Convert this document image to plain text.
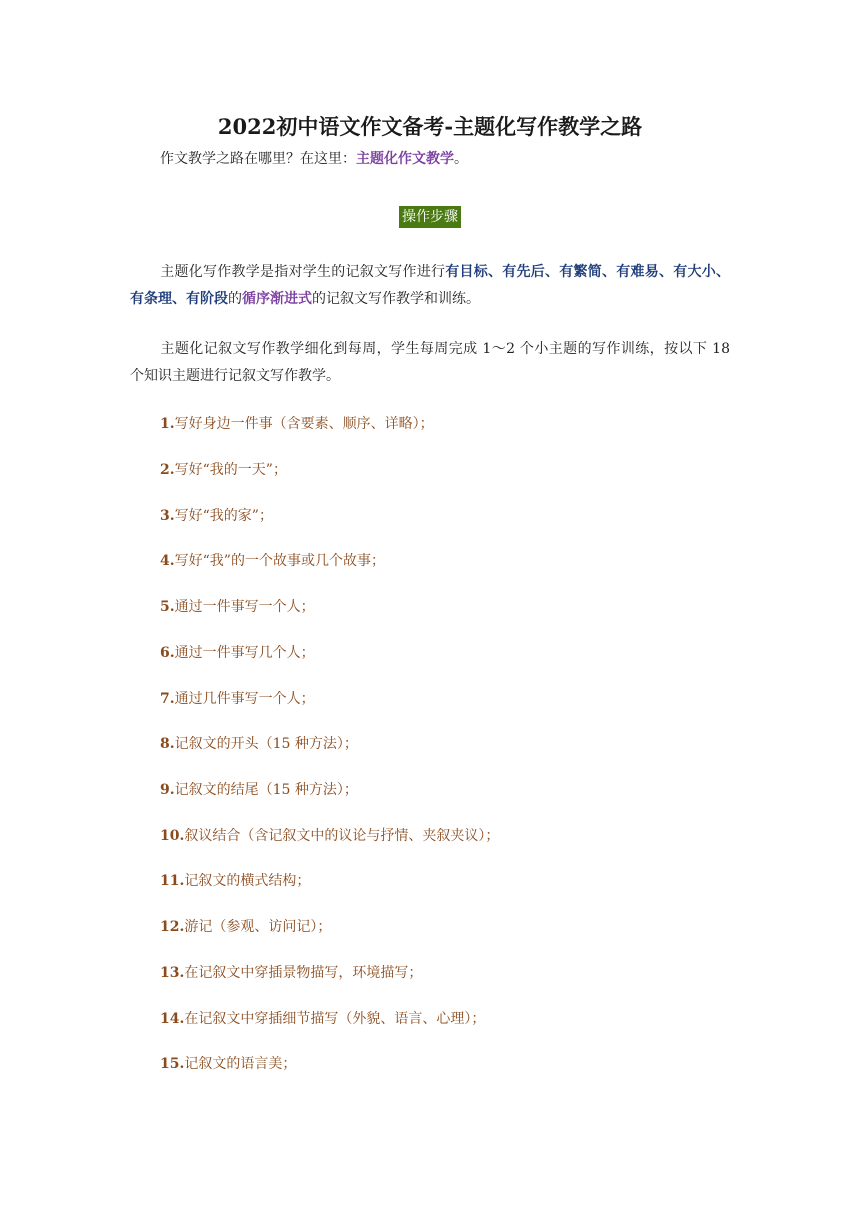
2022初中语文作文备考-主题化写作教学之路
作文教学之路在哪里？在这里：主题化作文教学。
操作步骤
主题化写作教学是指对学生的记叙文写作进行有目标、有先后、有繁简、有难易、有大小、有条理、有阶段的循序渐进式的记叙文写作教学和训练。
主题化记叙文写作教学细化到每周，学生每周完成 1～2 个小主题的写作训练，按以下 18 个知识主题进行记叙文写作教学。
1.写好身边一件事（含要素、顺序、详略）；
2.写好“我的一天”；
3.写好“我的家”；
4.写好“我”的一个故事或几个故事；
5.通过一件事写一个人；
6.通过一件事写几个人；
7.通过几件事写一个人；
8.记叙文的开头（15 种方法）；
9.记叙文的结尾（15 种方法）；
10.叙议结合（含记叙文中的议论与抒情、夹叙夹议）；
11.记叙文的横式结构；
12.游记（参观、访问记）；
13.在记叙文中穿插景物描写，环境描写；
14.在记叙文中穿插细节描写（外貌、语言、心理）；
15.记叙文的语言美；
